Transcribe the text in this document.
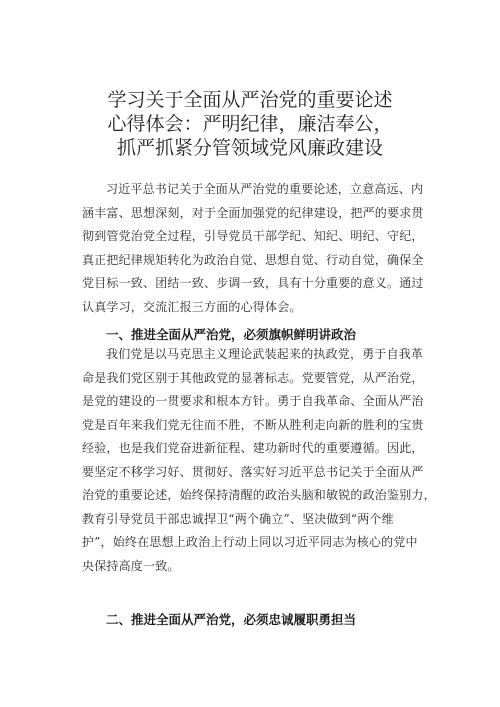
学习关于全面从严治党的重要论述
心得体会：严明纪律，廉洁奉公，
抓严抓紧分管领域党风廉政建设
习近平总书记关于全面从严治党的重要论述，立意高远、内
涵丰富、思想深刻，对于全面加强党的纪律建设，把严的要求贯
彻到管党治党全过程，引导党员干部学纪、知纪、明纪、守纪，
真正把纪律规矩转化为政治自觉、思想自觉、行动自觉，确保全
党目标一致、团结一致、步调一致，具有十分重要的意义。通过
认真学习，交流汇报三方面的心得体会。
一、推进全面从严治党，必须旗帜鲜明讲政治
我们党是以马克思主义理论武装起来的执政党，勇于自我革
命是我们党区别于其他政党的显著标志。党要管党，从严治党，
是党的建设的一贯要求和根本方针。勇于自我革命、全面从严治
党是百年来我们党无往而不胜，不断从胜利走向新的胜利的宝贵
经验，也是我们党奋进新征程、建功新时代的重要遵循。因此，
要坚定不移学习好、贯彻好、落实好习近平总书记关于全面从严
治党的重要论述，始终保持清醒的政治头脑和敏锐的政治鉴别力，
教育引导党员干部忠诚捍卫“两个确立”、坚决做到“两个维
护”，始终在思想上政治上行动上同以习近平同志为核心的党中
央保持高度一致。
二、推进全面从严治党，必须忠诚履职勇担当
